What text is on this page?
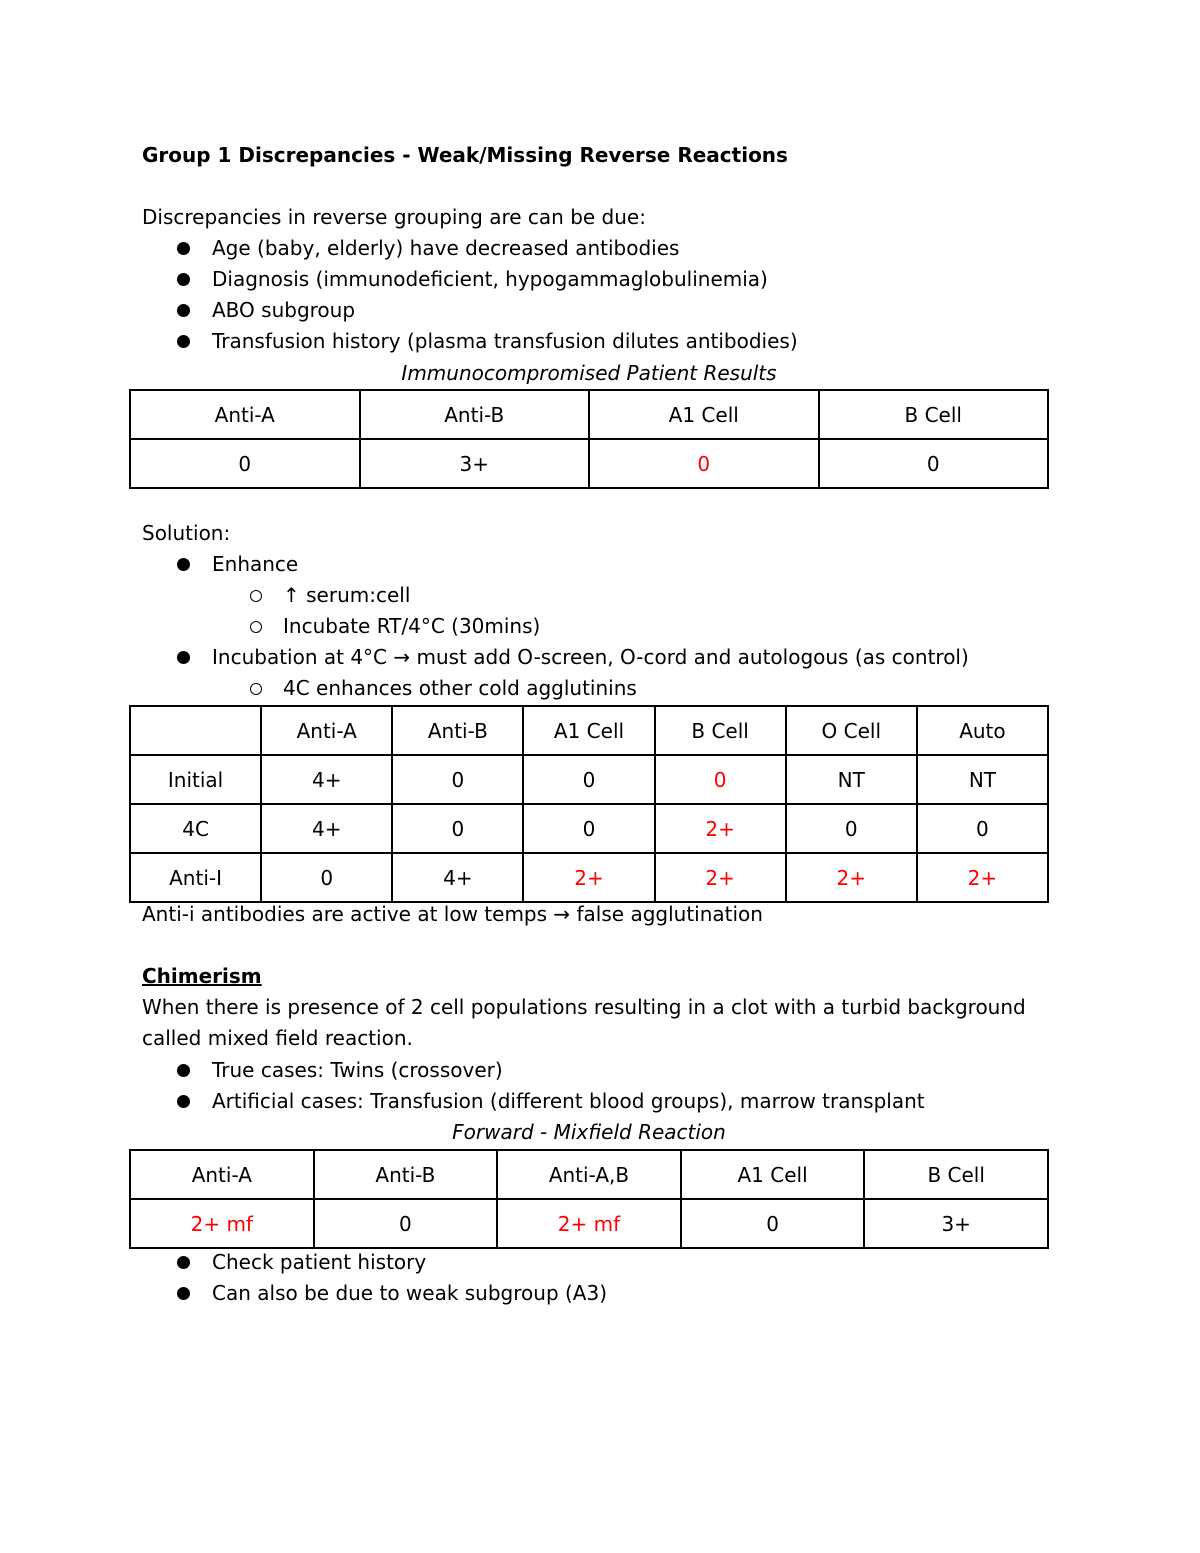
Group 1 Discrepancies - Weak/Missing Reverse Reactions
Discrepancies in reverse grouping are can be due:
Age (baby, elderly) have decreased antibodies
Diagnosis (immunodeficient, hypogammaglobulinemia)
ABO subgroup
Transfusion history (plasma transfusion dilutes antibodies)
Immunocompromised Patient Results
Anti-A	Anti-B	A1 Cell	B Cell
0	3+	0	0
Solution:
Enhance
↑ serum:cell
Incubate RT/4°C (30mins)
Incubation at 4°C → must add O-screen, O-cord and autologous (as control)
4C enhances other cold agglutinins
	Anti-A	Anti-B	A1 Cell	B Cell	O Cell	Auto
Initial	4+	0	0	0	NT	NT
4C	4+	0	0	2+	0	0
Anti-I	0	4+	2+	2+	2+	2+
Anti-i antibodies are active at low temps → false agglutination
Chimerism
When there is presence of 2 cell populations resulting in a clot with a turbid background
called mixed field reaction.
True cases: Twins (crossover)
Artificial cases: Transfusion (different blood groups), marrow transplant
Forward - Mixfield Reaction
Anti-A	Anti-B	Anti-A,B	A1 Cell	B Cell
2+ mf	0	2+ mf	0	3+
Check patient history
Can also be due to weak subgroup (A3)
